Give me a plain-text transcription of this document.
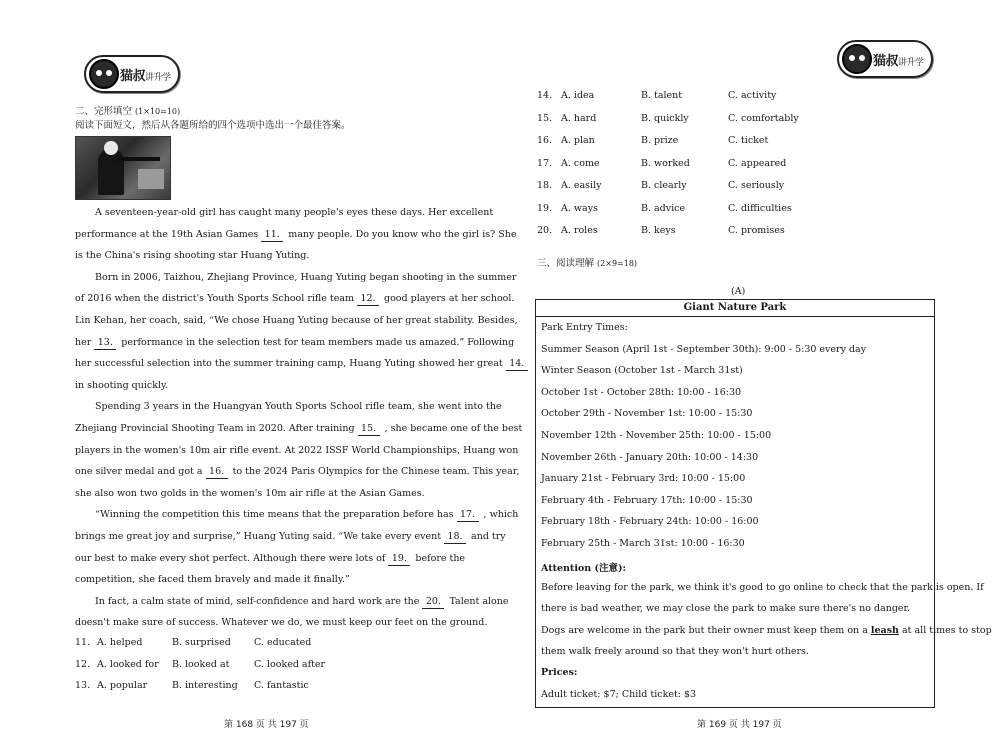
猫叔讲升学
二、完形填空 (1×10=10)
阅读下面短文，然后从各题所给的四个选项中选出一个最佳答案。
A seventeen-year-old girl has caught many people's eyes these days. Her excellent
performance at the 19th Asian Games 11. many people. Do you know who the girl is? She
is the China's rising shooting star Huang Yuting.
Born in 2006, Taizhou, Zhejiang Province, Huang Yuting began shooting in the summer
of 2016 when the district's Youth Sports School rifle team 12. good players at her school.
Lin Kehan, her coach, said, “We chose Huang Yuting because of her great stability. Besides,
her 13. performance in the selection test for team members made us amazed.” Following
her successful selection into the summer training camp, Huang Yuting showed her great 14.
in shooting quickly.
Spending 3 years in the Huangyan Youth Sports School rifle team, she went into the
Zhejiang Provincial Shooting Team in 2020. After training 15. , she became one of the best
players in the women's 10m air rifle event. At 2022 ISSF World Championships, Huang won
one silver medal and got a 16. to the 2024 Paris Olympics for the Chinese team. This year,
she also won two golds in the women's 10m air rifle at the Asian Games.
“Winning the competition this time means that the preparation before has 17. , which
brings me great joy and surprise,” Huang Yuting said. “We take every event 18. and try
our best to make every shot perfect. Although there were lots of 19. before the
competition, she faced them bravely and made it finally.”
In fact, a calm state of mind, self-confidence and hard work are the 20. Talent alone
doesn't make sure of success. Whatever we do, we must keep our feet on the ground.
11. A. helped	B. surprised C. educated
12. A. looked for B. looked at	C. looked after
13. A. popular	B. interesting C. fantastic
第 168 页 共 197 页
猫叔讲升学
14. A. idea	B. talent	C. activity
15. A. hard	B. quickly	C. comfortably
16. A. plan	B. prize	C. ticket
17. A. come	B. worked	C. appeared
18. A. easily	B. clearly	C. seriously
19. A. ways	B. advice	C. difficulties
20. A. roles	B. keys	C. promises
三、阅读理解 (2×9=18)
(A)
Giant Nature Park
Park Entry Times:
Summer Season (April 1st - September 30th): 9:00 - 5:30 every day
Winter Season (October 1st - March 31st)
October 1st - October 28th: 10:00 - 16:30
October 29th - November 1st: 10:00 - 15:30
November 12th - November 25th: 10:00 - 15:00
November 26th - January 20th: 10:00 - 14:30
January 21st - February 3rd: 10:00 - 15:00
February 4th - February 17th: 10:00 - 15:30
February 18th - February 24th: 10:00 - 16:00
February 25th - March 31st: 10:00 - 16:30
Attention (注意):
Before leaving for the park, we think it's good to go online to check that the park is open. If
there is bad weather, we may close the park to make sure there's no danger.
Dogs are welcome in the park but their owner must keep them on a leash at all times to stop
them walk freely around so that they won't hurt others.
Prices:
Adult ticket: $7; Child ticket: $3
第 169 页 共 197 页
